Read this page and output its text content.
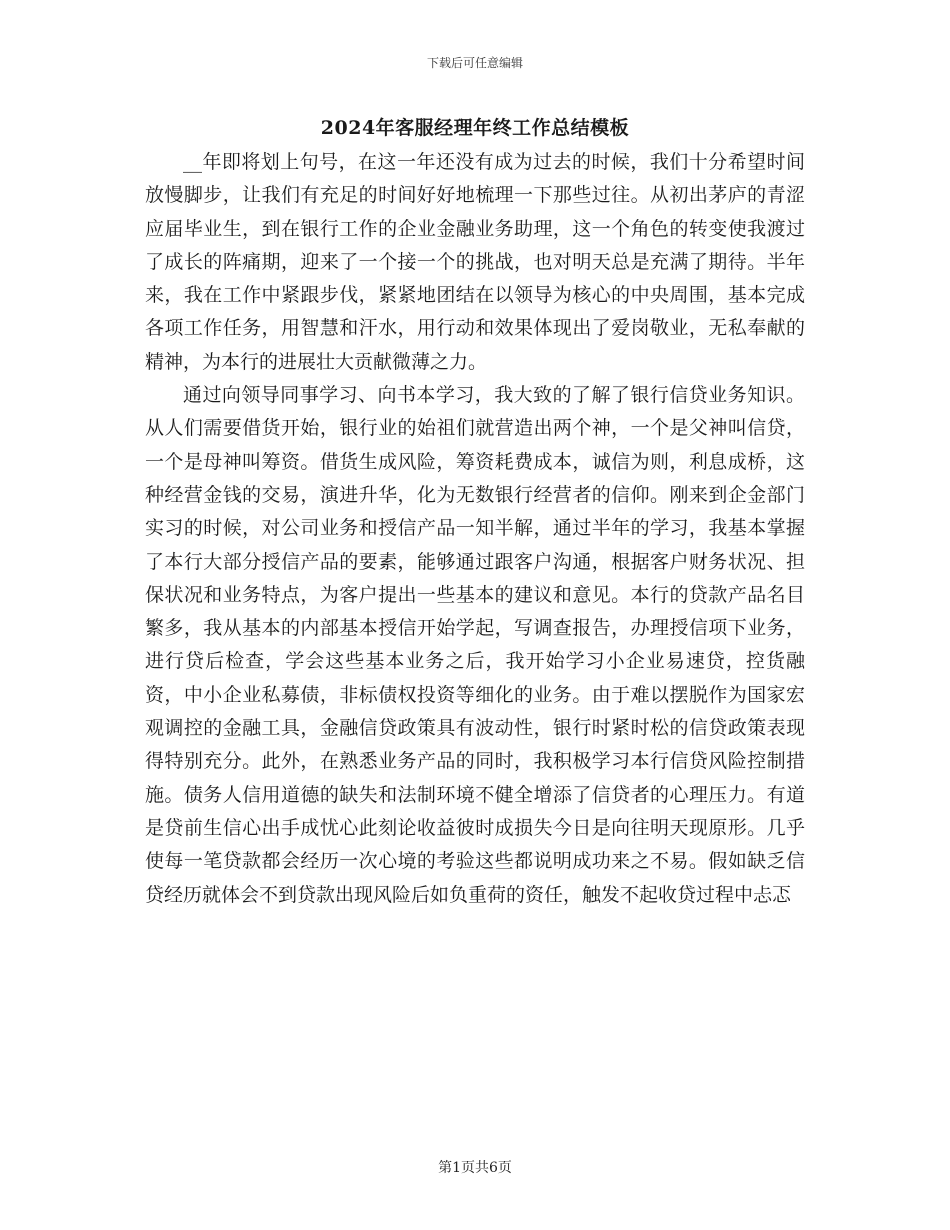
下载后可任意编辑
2024年客服经理年终工作总结模板

__年即将划上句号，在这一年还没有成为过去的时候，我们十分希望时间放慢脚步，让我们有充足的时间好好地梳理一下那些过往。从初出茅庐的青涩应届毕业生，到在银行工作的企业金融业务助理，这一个角色的转变使我渡过了成长的阵痛期，迎来了一个接一个的挑战，也对明天总是充满了期待。半年来，我在工作中紧跟步伐，紧紧地团结在以领导为核心的中央周围，基本完成各项工作任务，用智慧和汗水，用行动和效果体现出了爱岗敬业，无私奉献的精神，为本行的进展壮大贡献微薄之力。

通过向领导同事学习、向书本学习，我大致的了解了银行信贷业务知识。从人们需要借货开始，银行业的始祖们就营造出两个神，一个是父神叫信贷，一个是母神叫筹资。借货生成风险，筹资耗费成本，诚信为则，利息成桥，这种经营金钱的交易，演进升华，化为无数银行经营者的信仰。刚来到企金部门实习的时候，对公司业务和授信产品一知半解，通过半年的学习，我基本掌握了本行大部分授信产品的要素，能够通过跟客户沟通，根据客户财务状况、担保状况和业务特点，为客户提出一些基本的建议和意见。本行的贷款产品名目繁多，我从基本的内部基本授信开始学起，写调查报告，办理授信项下业务，进行贷后检查，学会这些基本业务之后，我开始学习小企业易速贷，控货融资，中小企业私募债，非标债权投资等细化的业务。由于难以摆脱作为国家宏观调控的金融工具，金融信贷政策具有波动性，银行时紧时松的信贷政策表现得特别充分。此外，在熟悉业务产品的同时，我积极学习本行信贷风险控制措施。债务人信用道德的缺失和法制环境不健全增添了信贷者的心理压力。有道是贷前生信心出手成忧心此刻论收益彼时成损失今日是向往明天现原形。几乎使每一笔贷款都会经历一次心境的考验这些都说明成功来之不易。假如缺乏信贷经历就体会不到贷款出现风险后如负重荷的资任，触发不起收贷过程中忐忑

第1页共6页
